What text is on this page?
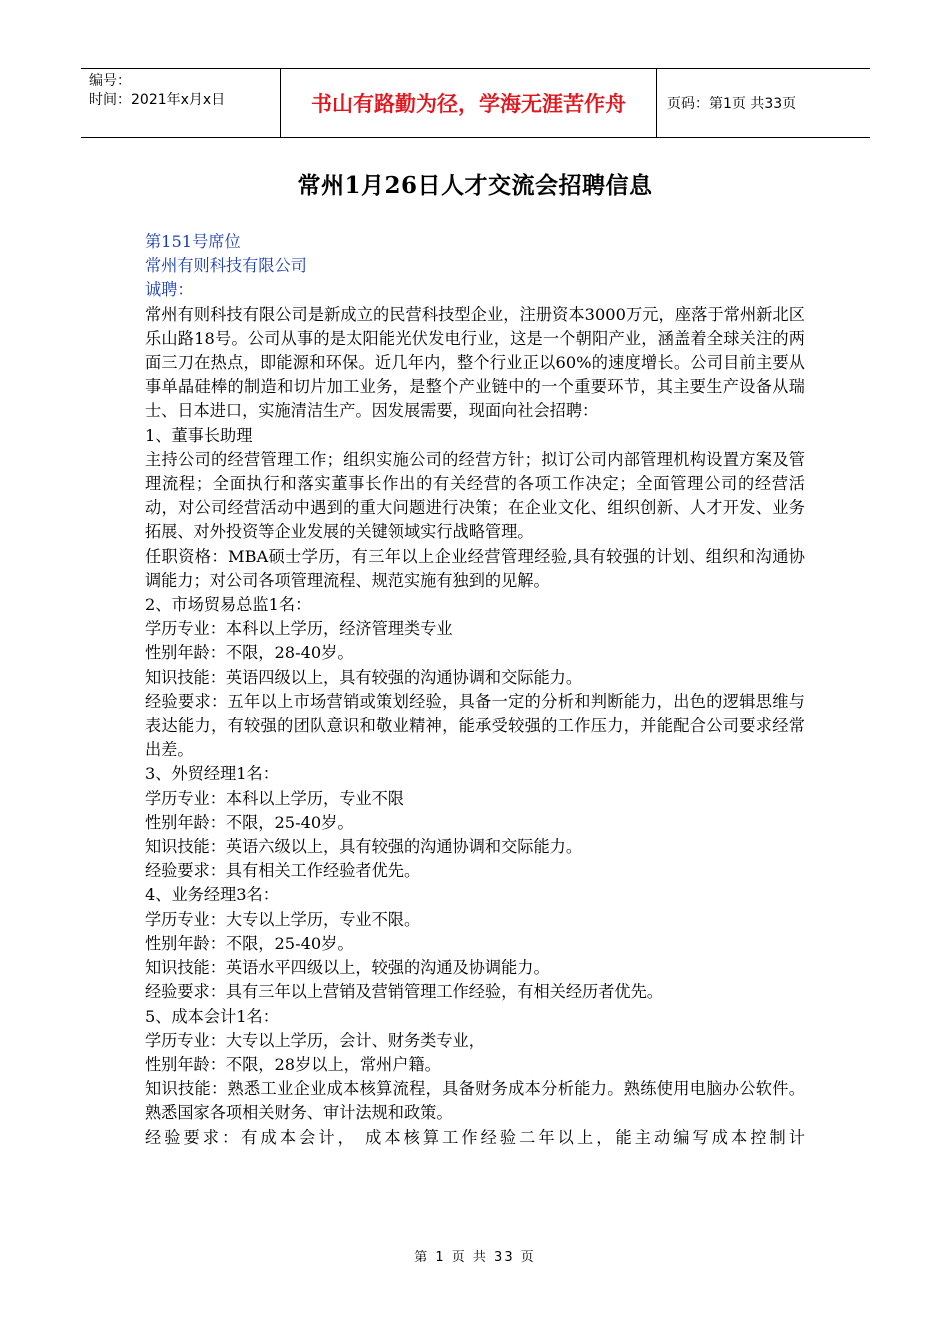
编号：
时间：2021年x月x日	书山有路勤为径，学海无涯苦作舟	页码：第1页 共33页
常州1月26日人才交流会招聘信息

第151号席位

常州有则科技有限公司

诚聘：

常州有则科技有限公司是新成立的民营科技型企业，注册资本3000万元，座落于常州新北区乐山路18号。公司从事的是太阳能光伏发电行业，这是一个朝阳产业，涵盖着全球关注的两面三刀在热点，即能源和环保。近几年内，整个行业正以60%的速度增长。公司目前主要从事单晶硅棒的制造和切片加工业务，是整个产业链中的一个重要环节，其主要生产设备从瑞士、日本进口，实施清洁生产。因发展需要，现面向社会招聘：

1、董事长助理

主持公司的经营管理工作；组织实施公司的经营方针；拟订公司内部管理机构设置方案及管理流程；全面执行和落实董事长作出的有关经营的各项工作决定；全面管理公司的经营活动，对公司经营活动中遇到的重大问题进行决策；在企业文化、组织创新、人才开发、业务拓展、对外投资等企业发展的关键领域实行战略管理。

任职资格：MBA硕士学历，有三年以上企业经营管理经验,具有较强的计划、组织和沟通协调能力；对公司各项管理流程、规范实施有独到的见解。

2、市场贸易总监1名：

学历专业：本科以上学历，经济管理类专业

性别年龄：不限，28-40岁。

知识技能：英语四级以上，具有较强的沟通协调和交际能力。

经验要求：五年以上市场营销或策划经验，具备一定的分析和判断能力，出色的逻辑思维与表达能力，有较强的团队意识和敬业精神，能承受较强的工作压力，并能配合公司要求经常出差。

3、外贸经理1名：

学历专业：本科以上学历，专业不限

性别年龄：不限，25-40岁。

知识技能：英语六级以上，具有较强的沟通协调和交际能力。

经验要求：具有相关工作经验者优先。

4、业务经理3名：

学历专业：大专以上学历，专业不限。

性别年龄：不限，25-40岁。

知识技能：英语水平四级以上，较强的沟通及协调能力。

经验要求：具有三年以上营销及营销管理工作经验，有相关经历者优先。

5、成本会计1名：

学历专业：大专以上学历，会计、财务类专业，

性别年龄：不限，28岁以上，常州户籍。

知识技能：熟悉工业企业成本核算流程，具备财务成本分析能力。熟练使用电脑办公软件。熟悉国家各项相关财务、审计法规和政策。

经验要求：有成本会计， 成本核算工作经验二年以上，能主动编写成本控制计

第 1 页 共 33 页
